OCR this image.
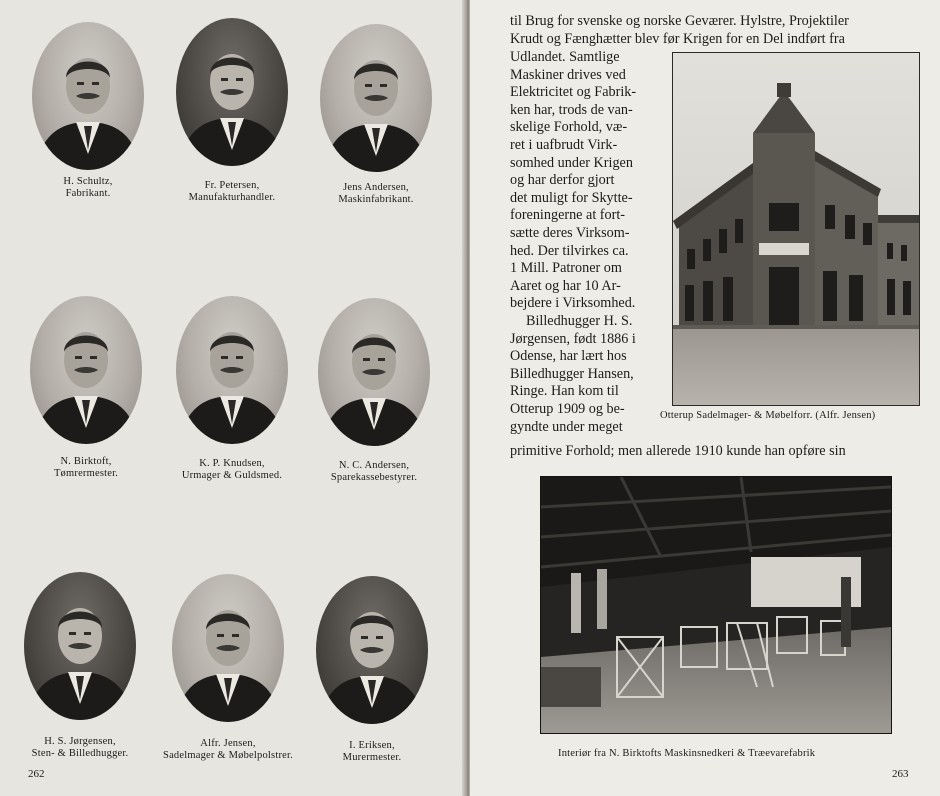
H. Schultz,
Fabrikant.
Fr. Petersen,
Manufakturhandler.
Jens Andersen,
Maskinfabrikant.
N. Birktoft,
Tømrermester.
K. P. Knudsen,
Urmager & Guldsmed.
N. C. Andersen,
Sparekassebestyrer.
H. S. Jørgensen,
Sten- & Billedhugger.
Alfr. Jensen,
Sadelmager & Møbelpolstrer.
I. Eriksen,
Murermester.
262
til Brug for svenske og norske Geværer. Hylstre, Projektiler
Krudt og Fænghætter blev før Krigen for en Del indført fra
Udlandet. Samtlige
Maskiner drives ved
Elektricitet og Fabrik-
ken har, trods de van-
skelige Forhold, væ-
ret i uafbrudt Virk-
somhed under Krigen
og har derfor gjort
det muligt for Skytte-
foreningerne at fort-
sætte deres Virksom-
hed. Der tilvirkes ca.
1 Mill. Patroner om
Aaret og har 10 Ar-
bejdere i Virksomhed.
Billedhugger H. S.
Jørgensen, født 1886 i
Odense, har lært hos
Billedhugger Hansen,
Ringe. Han kom til
Otterup 1909 og be-
gyndte under meget
primitive Forhold; men allerede 1910 kunde han opføre sin
Otterup Sadelmager- & Møbelforr. (Alfr. Jensen)
Interiør fra N. Birktofts Maskinsnedkeri & Træevarefabrik
263
